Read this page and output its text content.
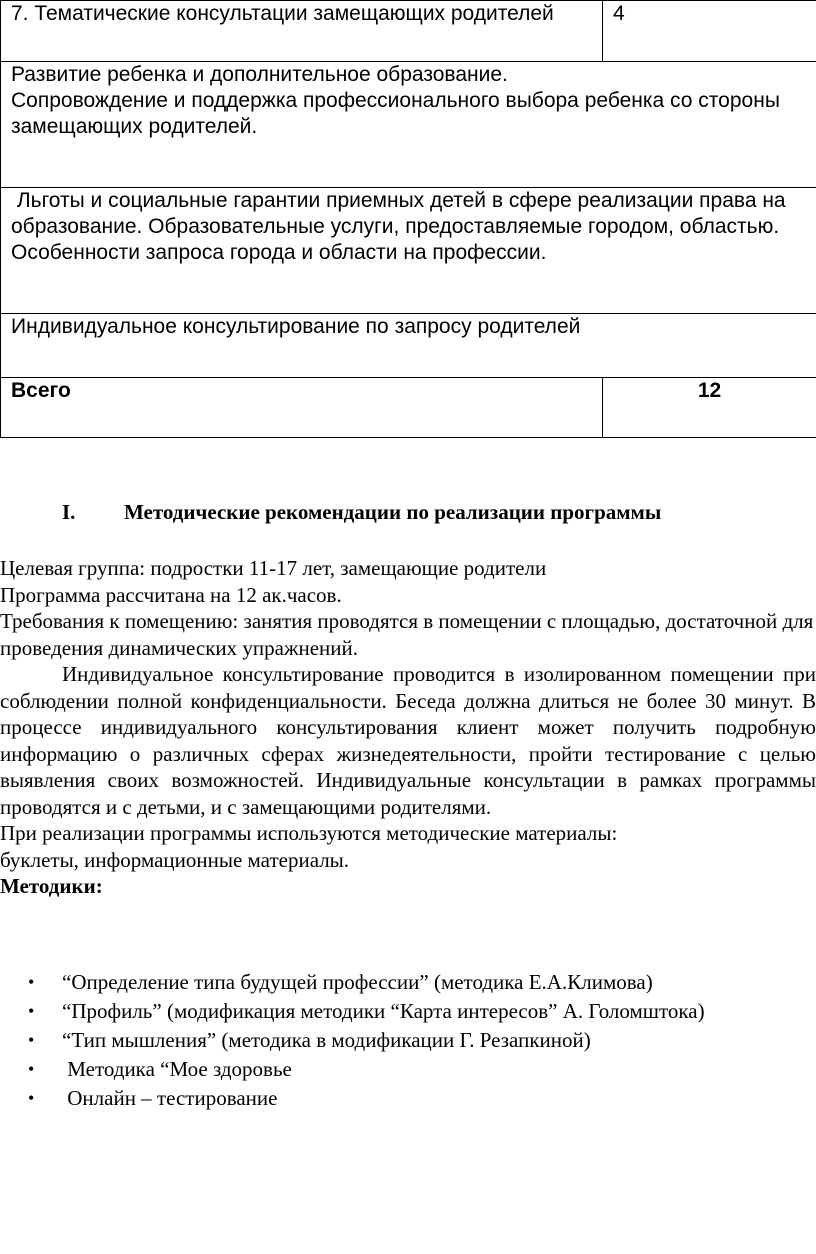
7. Тематические консультации замещающих родителей	4
Развитие ребенка и дополнительное образование.
Сопровождение и поддержка профессионального выбора ребенка со стороны замещающих родителей.	
Льготы и социальные гарантии приемных детей в сфере реализации права на образование. Образовательные услуги, предоставляемые городом, областью. Особенности запроса города и области на профессии.	
Индивидуальное консультирование по запросу родителей	
Всего	12
I. Методические рекомендации по реализации программы

Целевая группа: подростки 11-17 лет, замещающие родители

Программа рассчитана на 12 ак.часов.

Требования к помещению: занятия проводятся в помещении с площадью, достаточной для проведения динамических упражнений.

Индивидуальное консультирование проводится в изолированном помещении при соблюдении полной конфиденциальности. Беседа должна длиться не более 30 минут. В процессе индивидуального консультирования клиент может получить подробную информацию о различных сферах жизнедеятельности, пройти тестирование с целью выявления своих возможностей. Индивидуальные консультации в рамках программы проводятся и с детьми, и с замещающими родителями.

При реализации программы используются методические материалы:

буклеты, информационные материалы.

Методики:

• “Определение типа будущей профессии” (методика Е.А.Климова)
• “Профиль” (модификация методики “Карта интересов” А. Голомштока)
• “Тип мышления” (методика в модификации Г. Резапкиной)
• Методика “Мое здоровье
• Онлайн – тестирование
